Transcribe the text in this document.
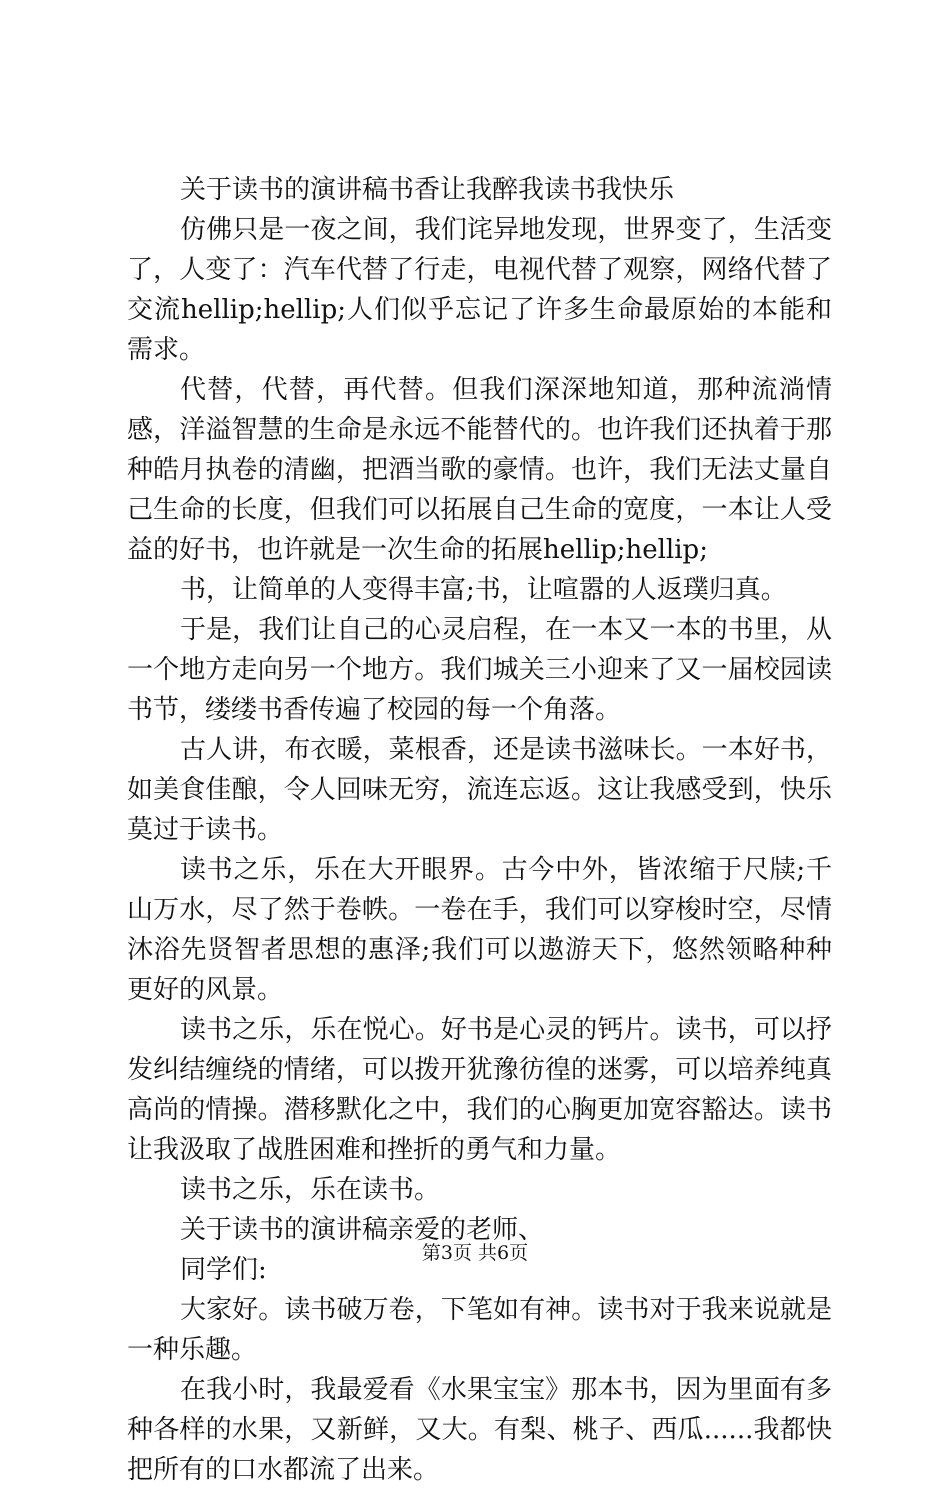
关于读书的演讲稿书香让我醉我读书我快乐

仿佛只是一夜之间，我们诧异地发现，世界变了，生活变了，人变了：汽车代替了行走，电视代替了观察，网络代替了交流hellip;hellip;人们似乎忘记了许多生命最原始的本能和需求。

代替，代替，再代替。但我们深深地知道，那种流淌情感，洋溢智慧的生命是永远不能替代的。也许我们还执着于那种皓月执卷的清幽，把酒当歌的豪情。也许，我们无法丈量自己生命的长度，但我们可以拓展自己生命的宽度，一本让人受益的好书，也许就是一次生命的拓展hellip;hellip;

书，让简单的人变得丰富;书，让喧嚣的人返璞归真。

于是，我们让自己的心灵启程，在一本又一本的书里，从一个地方走向另一个地方。我们城关三小迎来了又一届校园读书节，缕缕书香传遍了校园的每一个角落。

古人讲，布衣暖，菜根香，还是读书滋味长。一本好书，如美食佳酿，令人回味无穷，流连忘返。这让我感受到，快乐莫过于读书。

读书之乐，乐在大开眼界。古今中外，皆浓缩于尺牍;千山万水，尽了然于卷帙。一卷在手，我们可以穿梭时空，尽情沐浴先贤智者思想的惠泽;我们可以遨游天下，悠然领略种种更好的风景。

读书之乐，乐在悦心。好书是心灵的钙片。读书，可以抒发纠结缠绕的情绪，可以拨开犹豫彷徨的迷雾，可以培养纯真高尚的情操。潜移默化之中，我们的心胸更加宽容豁达。读书让我汲取了战胜困难和挫折的勇气和力量。

读书之乐，乐在读书。

关于读书的演讲稿亲爱的老师、

同学们:

大家好。读书破万卷，下笔如有神。读书对于我来说就是一种乐趣。

在我小时，我最爱看《水果宝宝》那本书，因为里面有多种各样的水果，又新鲜，又大。有梨、桃子、西瓜......我都快把所有的口水都流了出来。

第3页 共6页
